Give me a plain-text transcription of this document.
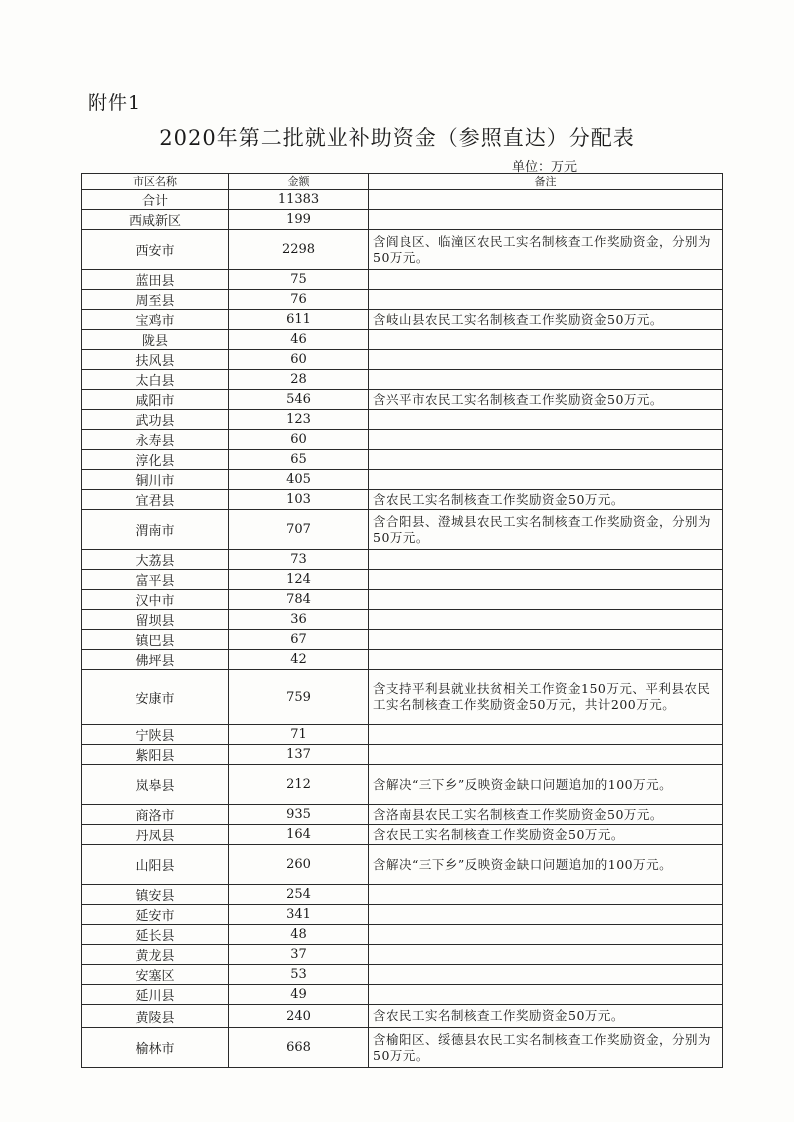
附件1
2020年第二批就业补助资金（参照直达）分配表
单位：万元
市区名称	金额	备注
合计	11383	
西咸新区	199	
西安市	2298	含阎良区、临潼区农民工实名制核查工作奖励资金，分别为50万元。
蓝田县	75	
周至县	76	
宝鸡市	611	含岐山县农民工实名制核查工作奖励资金50万元。
陇县	46	
扶风县	60	
太白县	28	
咸阳市	546	含兴平市农民工实名制核查工作奖励资金50万元。
武功县	123	
永寿县	60	
淳化县	65	
铜川市	405	
宜君县	103	含农民工实名制核查工作奖励资金50万元。
渭南市	707	含合阳县、澄城县农民工实名制核查工作奖励资金，分别为50万元。
大荔县	73	
富平县	124	
汉中市	784	
留坝县	36	
镇巴县	67	
佛坪县	42	
安康市	759	含支持平利县就业扶贫相关工作资金150万元、平利县农民工实名制核查工作奖励资金50万元，共计200万元。
宁陕县	71	
紫阳县	137	
岚皋县	212	含解决“三下乡”反映资金缺口问题追加的100万元。
商洛市	935	含洛南县农民工实名制核查工作奖励资金50万元。
丹凤县	164	含农民工实名制核查工作奖励资金50万元。
山阳县	260	含解决“三下乡”反映资金缺口问题追加的100万元。
镇安县	254	
延安市	341	
延长县	48	
黄龙县	37	
安塞区	53	
延川县	49	
黄陵县	240	含农民工实名制核查工作奖励资金50万元。
榆林市	668	含榆阳区、绥德县农民工实名制核查工作奖励资金，分别为50万元。
